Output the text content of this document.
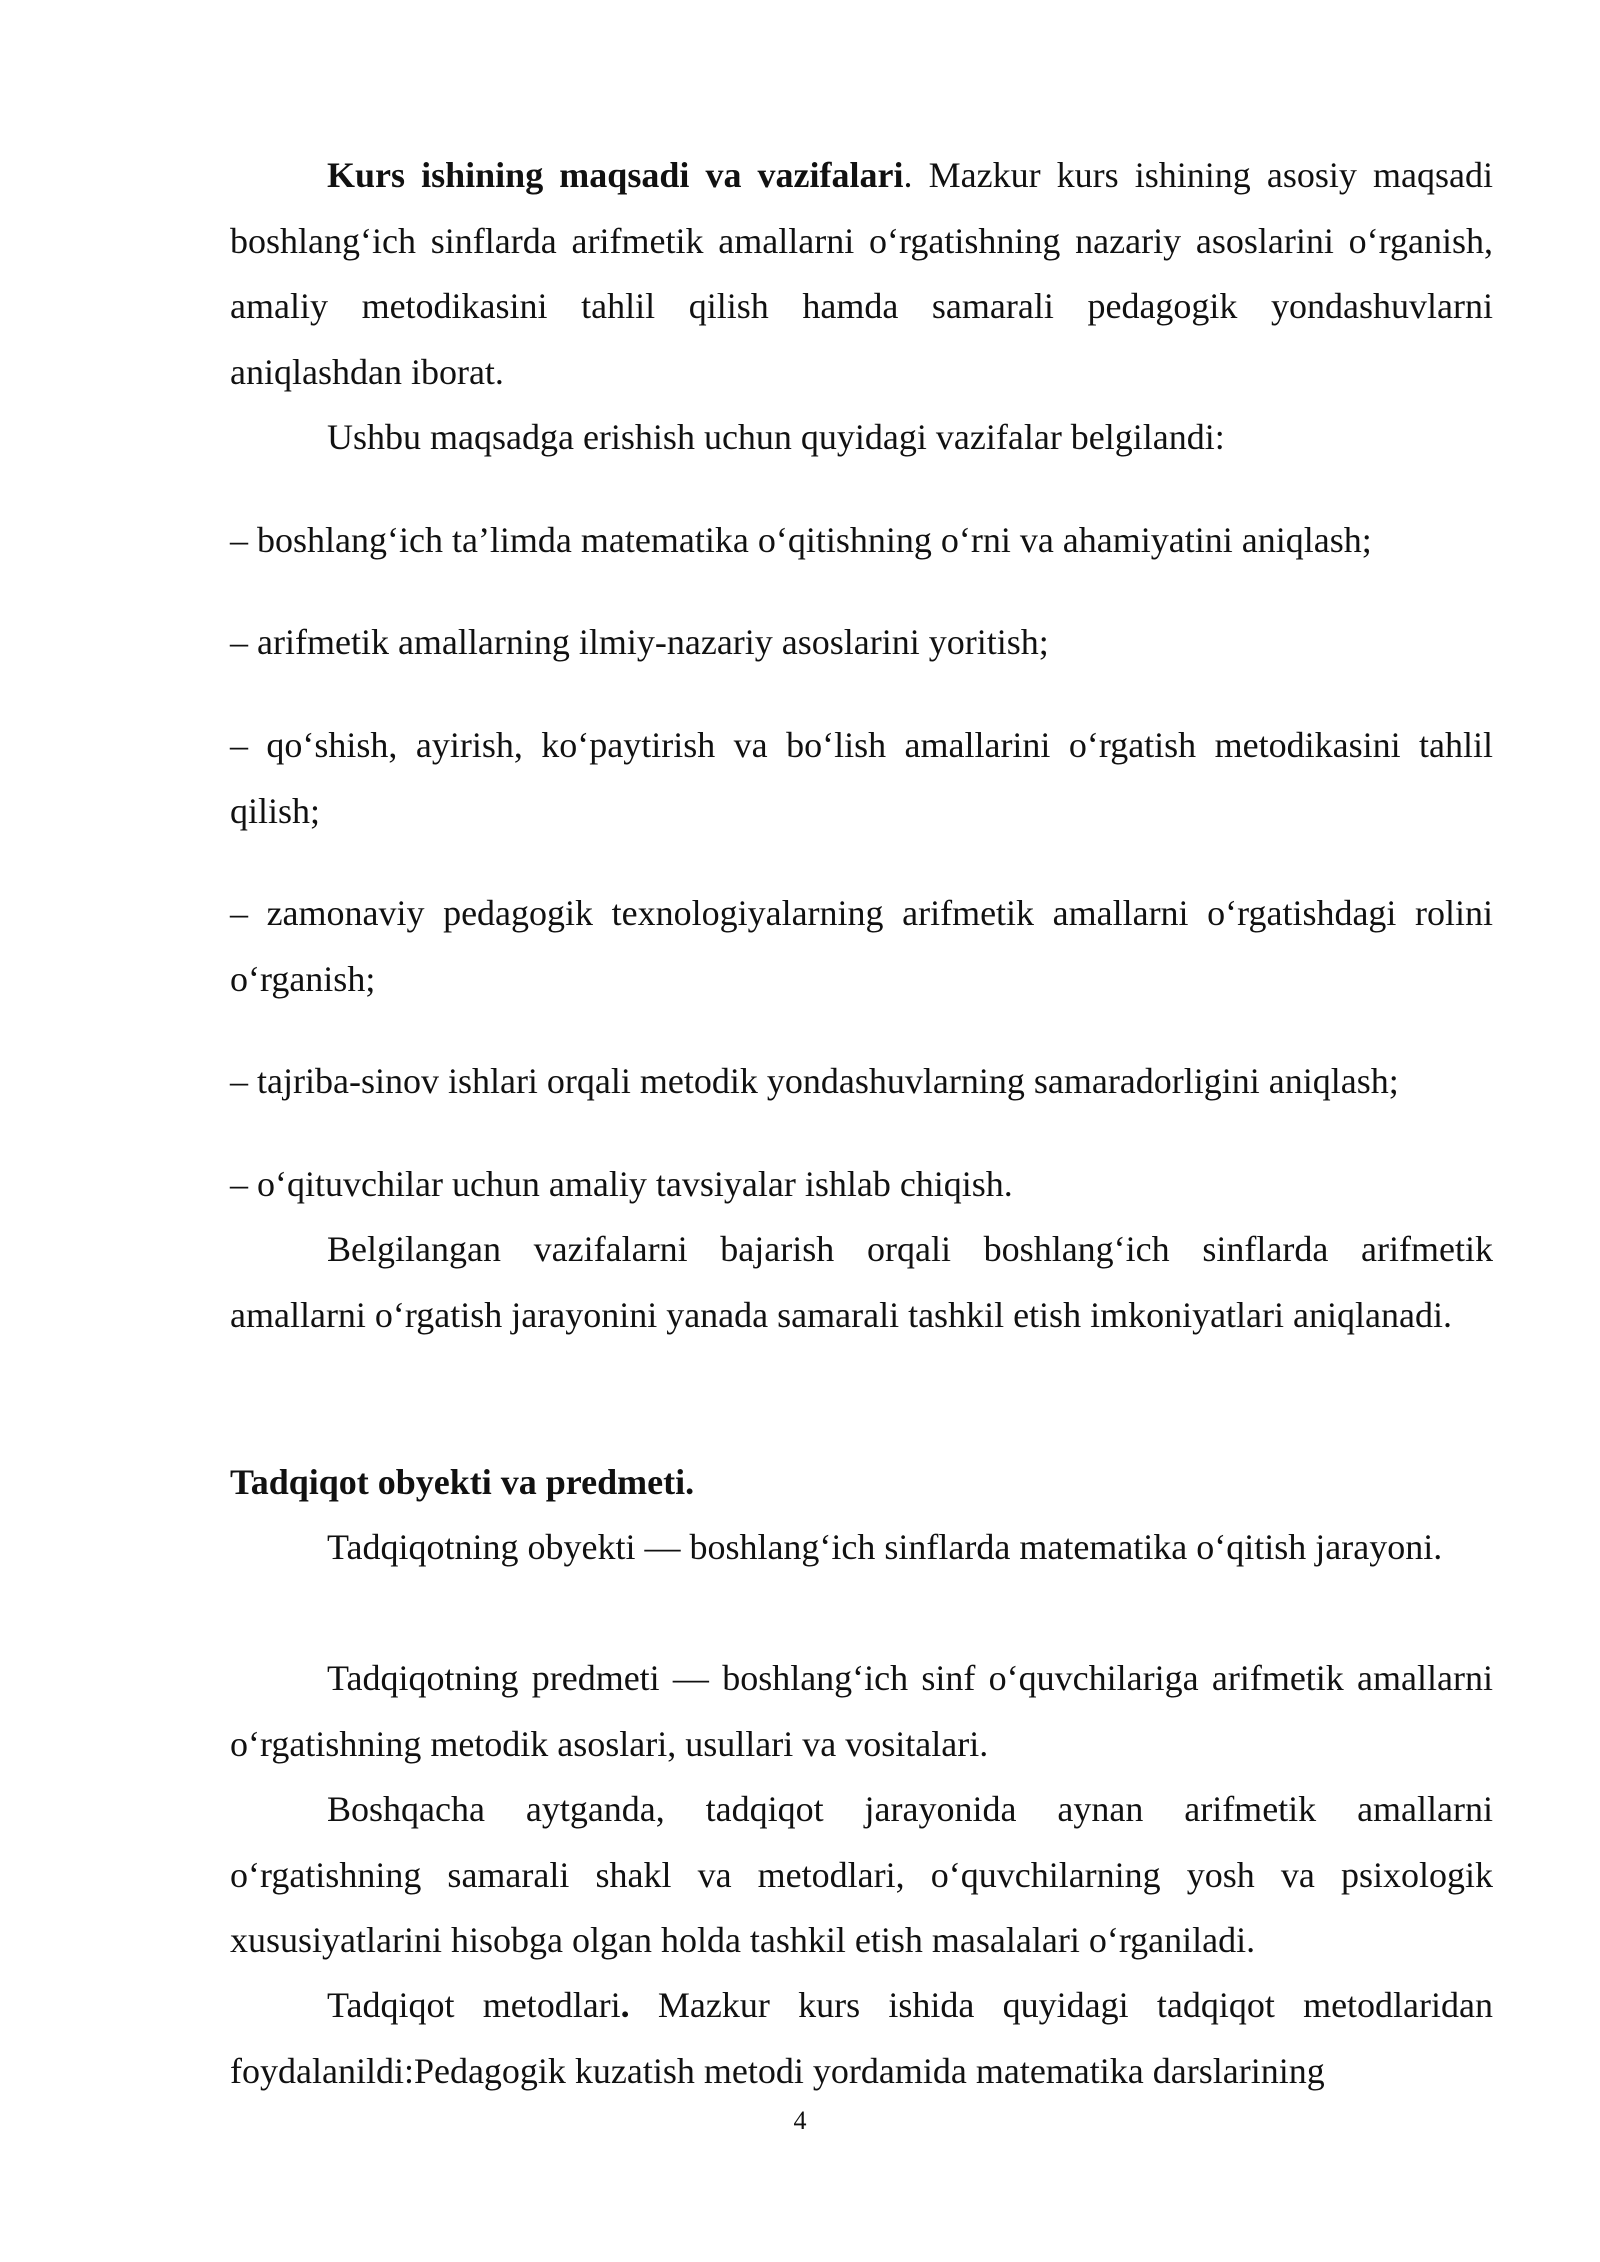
Kurs ishining maqsadi va vazifalari. Mazkur kurs ishining asosiy maqsadi boshlang‘ich sinflarda arifmetik amallarni o‘rgatishning nazariy asoslarini o‘rganish, amaliy metodikasini tahlil qilish hamda samarali pedagogik yondashuvlarni aniqlashdan iborat.

Ushbu maqsadga erishish uchun quyidagi vazifalar belgilandi:

– boshlang‘ich ta’limda matematika o‘qitishning o‘rni va ahamiyatini aniqlash;

– arifmetik amallarning ilmiy-nazariy asoslarini yoritish;

– qo‘shish, ayirish, ko‘paytirish va bo‘lish amallarini o‘rgatish metodikasini tahlil qilish;

– zamonaviy pedagogik texnologiyalarning arifmetik amallarni o‘rgatishdagi rolini o‘rganish;

– tajriba-sinov ishlari orqali metodik yondashuvlarning samaradorligini aniqlash;

– o‘qituvchilar uchun amaliy tavsiyalar ishlab chiqish.

Belgilangan vazifalarni bajarish orqali boshlang‘ich sinflarda arifmetik amallarni o‘rgatish jarayonini yanada samarali tashkil etish imkoniyatlari aniqlanadi.

Tadqiqot obyekti va predmeti.

Tadqiqotning obyekti — boshlang‘ich sinflarda matematika o‘qitish jarayoni.

Tadqiqotning predmeti — boshlang‘ich sinf o‘quvchilariga arifmetik amallarni o‘rgatishning metodik asoslari, usullari va vositalari.

Boshqacha aytganda, tadqiqot jarayonida aynan arifmetik amallarni o‘rgatishning samarali shakl va metodlari, o‘quvchilarning yosh va psixologik xususiyatlarini hisobga olgan holda tashkil etish masalalari o‘rganiladi.

Tadqiqot metodlari. Mazkur kurs ishida quyidagi tadqiqot metodlaridan foydalanildi:Pedagogik kuzatish metodi yordamida matematika darslarining

4
